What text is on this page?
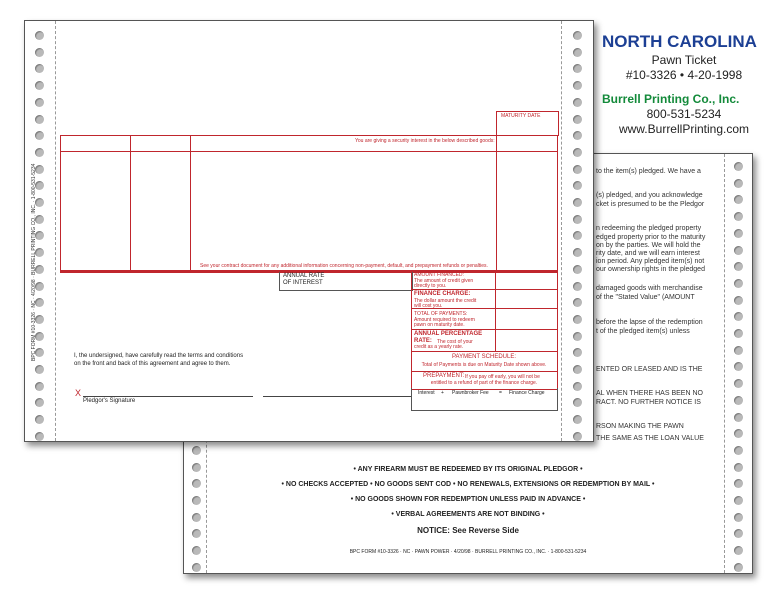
to the item(s) pledged. We have a
(s) pledged, and you acknowledge
cket is presumed to be the Pledgor
n redeeming the pledged property
edged property prior to the maturity
on by the parties. We will hold the
rity date, and we will earn interest
ion period. Any pledged item(s) not
our ownership rights in the pledged
damaged goods with merchandise
of the "Stated Value" (AMOUNT
before the lapse of the redemption
t of the pledged item(s) unless
ENTED OR LEASED AND IS THE
AL WHEN THERE HAS BEEN NO
RACT. NO FURTHER NOTICE IS
RSON MAKING THE PAWN
THE SAME AS THE LOAN VALUE
• ANY FIREARM MUST BE REDEEMED BY ITS ORIGINAL PLEDGOR •
• NO CHECKS ACCEPTED • NO GOODS SENT COD • NO RENEWALS, EXTENSIONS OR REDEMPTION BY MAIL •
• NO GOODS SHOWN FOR REDEMPTION UNLESS PAID IN ADVANCE •
• VERBAL AGREEMENTS ARE NOT BINDING •
NOTICE: See Reverse Side
BPC FORM #10-3326 · NC · PAWN POWER · 4/20/98 · BURRELL PRINTING CO., INC. · 1-800-531-5234
BPC FORM #10-3326 · NC · 4/20/98 · BURRELL PRINTING CO., INC. · 1-800-531-5234
MATURITY DATE
You are giving a security interest in the below described goods:
See your contract document for any additional information concerning non-payment, default, and prepayment refunds or penalties.
ANNUAL RATE
OF INTEREST
AMOUNT FINANCED:
The amount of credit given
directly to you.
FINANCE CHARGE:
The dollar amount the credit
will cost you.
TOTAL OF PAYMENTS:
Amount required to redeem
pawn on maturity date.
ANNUAL PERCENTAGE
RATE: The cost of your
credit as a yearly rate.
PAYMENT SCHEDULE:
Total of Payments is due on Maturity Date shown above.
PREPAYMENT: If you pay off early, you will not be
entitled to a refund of part of the finance charge.
Interest + Pawnbroker Fee = Finance Charge
I, the undersigned, have carefully read the terms and conditions
on the front and back of this agreement and agree to them.
X
Pledgor's Signature
NORTH CAROLINA
Pawn Ticket
#10-3326 • 4-20-1998
Burrell Printing Co., Inc.
800-531-5234
www.BurrellPrinting.com
